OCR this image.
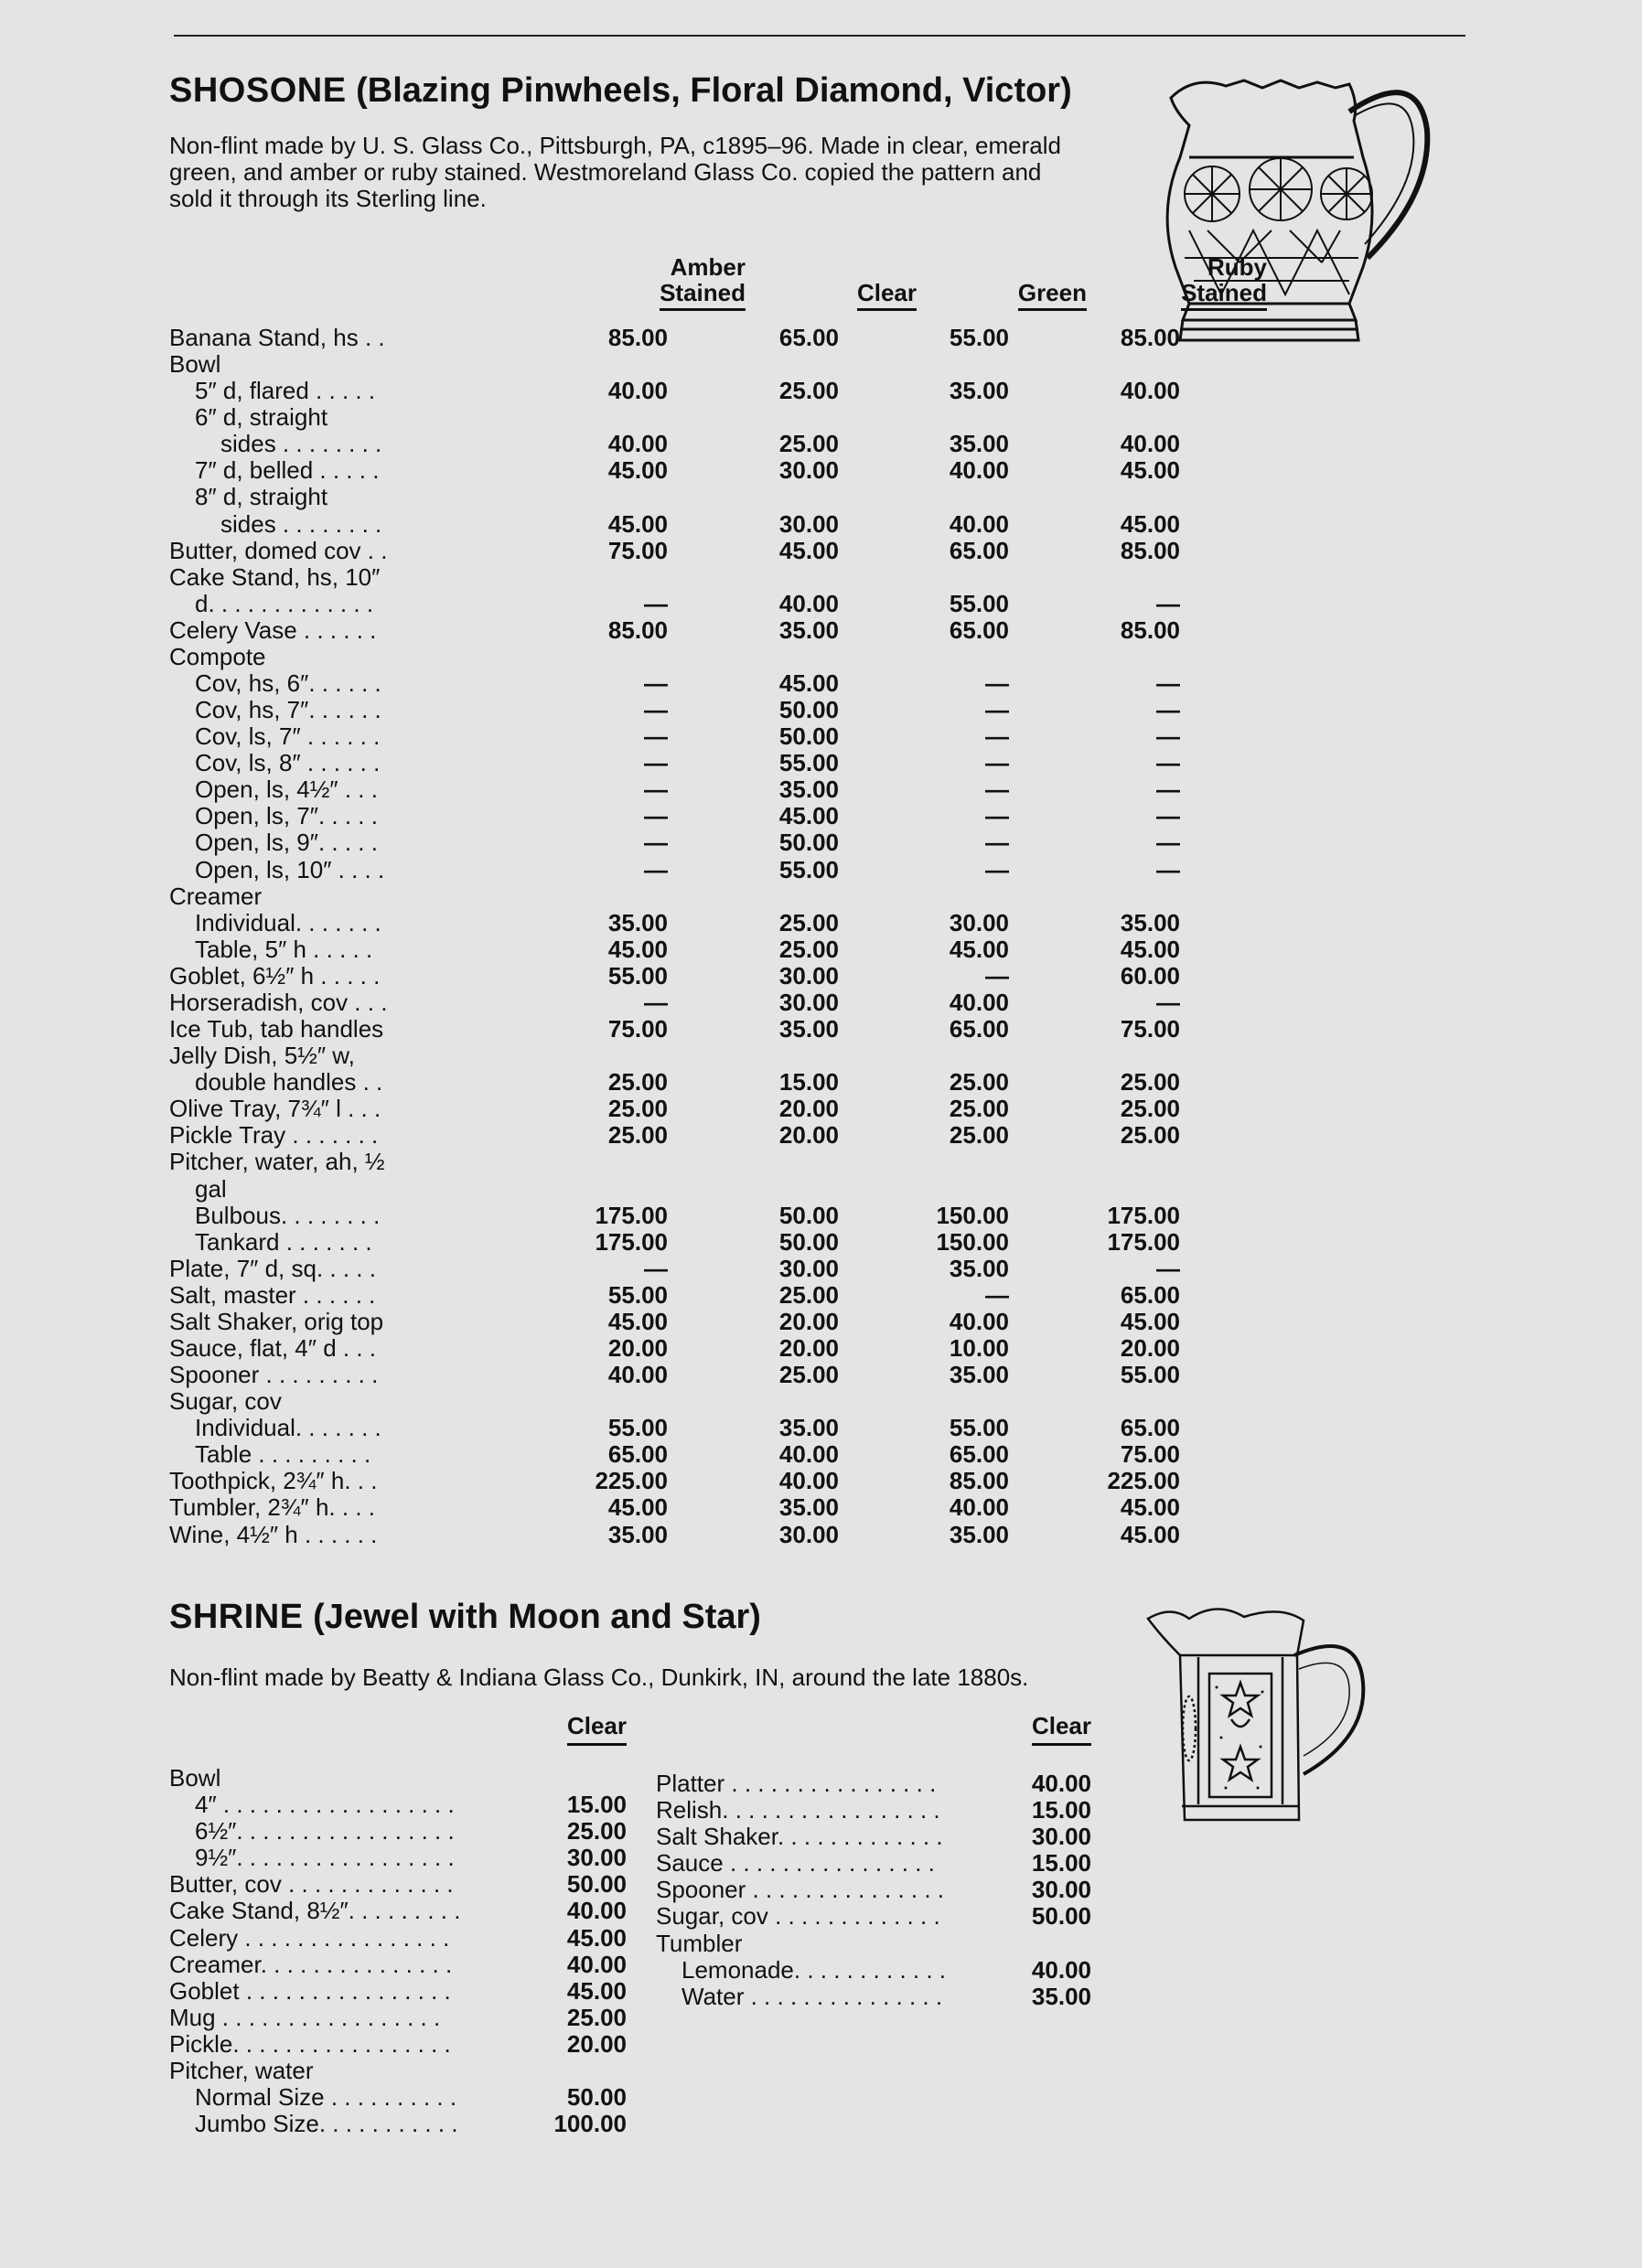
SHOSONE (Blazing Pinwheels, Floral Diamond, Victor)

Non-flint made by U. S. Glass Co., Pittsburgh, PA, c1895–96. Made in clear, emerald

green, and amber or ruby stained. Westmoreland Glass Co. copied the pattern and

sold it through its Sterling line.

Amber
Stained	Clear	Green
Ruby
Stained
Banana Stand, hs . .	85.00	65.00	55.00	85.00
Bowl
5″ d, flared . . . . .	40.00	25.00	35.00	40.00
6″ d, straight
sides . . . . . . . .	40.00	25.00	35.00	40.00
7″ d, belled . . . . .	45.00	30.00	40.00	45.00
8″ d, straight
sides . . . . . . . .	45.00	30.00	40.00	45.00
Butter, domed cov . .	75.00	45.00	65.00	85.00
Cake Stand, hs, 10″
d. . . . . . . . . . . . .	—	40.00	55.00	—
Celery Vase . . . . . .	85.00	35.00	65.00	85.00
Compote
Cov, hs, 6″. . . . . .	—	45.00	—	—
Cov, hs, 7″. . . . . .	—	50.00	—	—
Cov, ls, 7″ . . . . . .	—	50.00	—	—
Cov, ls, 8″ . . . . . .	—	55.00	—	—
Open, ls, 4½″ . . .	—	35.00	—	—
Open, ls, 7″. . . . .	—	45.00	—	—
Open, ls, 9″. . . . .	—	50.00	—	—
Open, ls, 10″ . . . .	—	55.00	—	—
Creamer
Individual. . . . . . .	35.00	25.00	30.00	35.00
Table, 5″ h . . . . .	45.00	25.00	45.00	45.00
Goblet, 6½″ h . . . . .	55.00	30.00	—	60.00
Horseradish, cov . . .	—	30.00	40.00	—
Ice Tub, tab handles	75.00	35.00	65.00	75.00
Jelly Dish, 5½″ w,
double handles . .	25.00	15.00	25.00	25.00
Olive Tray, 7¾″ l . . .	25.00	20.00	25.00	25.00
Pickle Tray . . . . . . .	25.00	20.00	25.00	25.00
Pitcher, water, ah, ½
gal
Bulbous. . . . . . . .	175.00	50.00	150.00	175.00
Tankard . . . . . . .	175.00	50.00	150.00	175.00
Plate, 7″ d, sq. . . . .	—	30.00	35.00	—
Salt, master . . . . . .	55.00	25.00	—	65.00
Salt Shaker, orig top	45.00	20.00	40.00	45.00
Sauce, flat, 4″ d . . .	20.00	20.00	10.00	20.00
Spooner . . . . . . . . .	40.00	25.00	35.00	55.00
Sugar, cov
Individual. . . . . . .	55.00	35.00	55.00	65.00
Table . . . . . . . . .	65.00	40.00	65.00	75.00
Toothpick, 2¾″ h. . .	225.00	40.00	85.00	225.00
Tumbler, 2¾″ h. . . .	45.00	35.00	40.00	45.00
Wine, 4½″ h . . . . . .	35.00	30.00	35.00	45.00
SHRINE (Jewel with Moon and Star)

Non-flint made by Beatty & Indiana Glass Co., Dunkirk, IN, around the late 1880s.

Clear	Clear
Bowl
4″ . . . . . . . . . . . . . . . . . .	15.00
6½″. . . . . . . . . . . . . . . . .	25.00
9½″. . . . . . . . . . . . . . . . .	30.00
Butter, cov . . . . . . . . . . . . .	50.00
Cake Stand, 8½″. . . . . . . . .	40.00
Celery . . . . . . . . . . . . . . . .	45.00
Creamer. . . . . . . . . . . . . . .	40.00
Goblet . . . . . . . . . . . . . . . .	45.00
Mug . . . . . . . . . . . . . . . . .	25.00
Pickle. . . . . . . . . . . . . . . . .	20.00
Pitcher, water
Normal Size . . . . . . . . . .	50.00
Jumbo Size. . . . . . . . . . .	100.00
Platter . . . . . . . . . . . . . . . .	40.00
Relish. . . . . . . . . . . . . . . . .	15.00
Salt Shaker. . . . . . . . . . . . .	30.00
Sauce . . . . . . . . . . . . . . . .	15.00
Spooner . . . . . . . . . . . . . . .	30.00
Sugar, cov . . . . . . . . . . . . .	50.00
Tumbler
Lemonade. . . . . . . . . . . .	40.00
Water . . . . . . . . . . . . . . .	35.00
